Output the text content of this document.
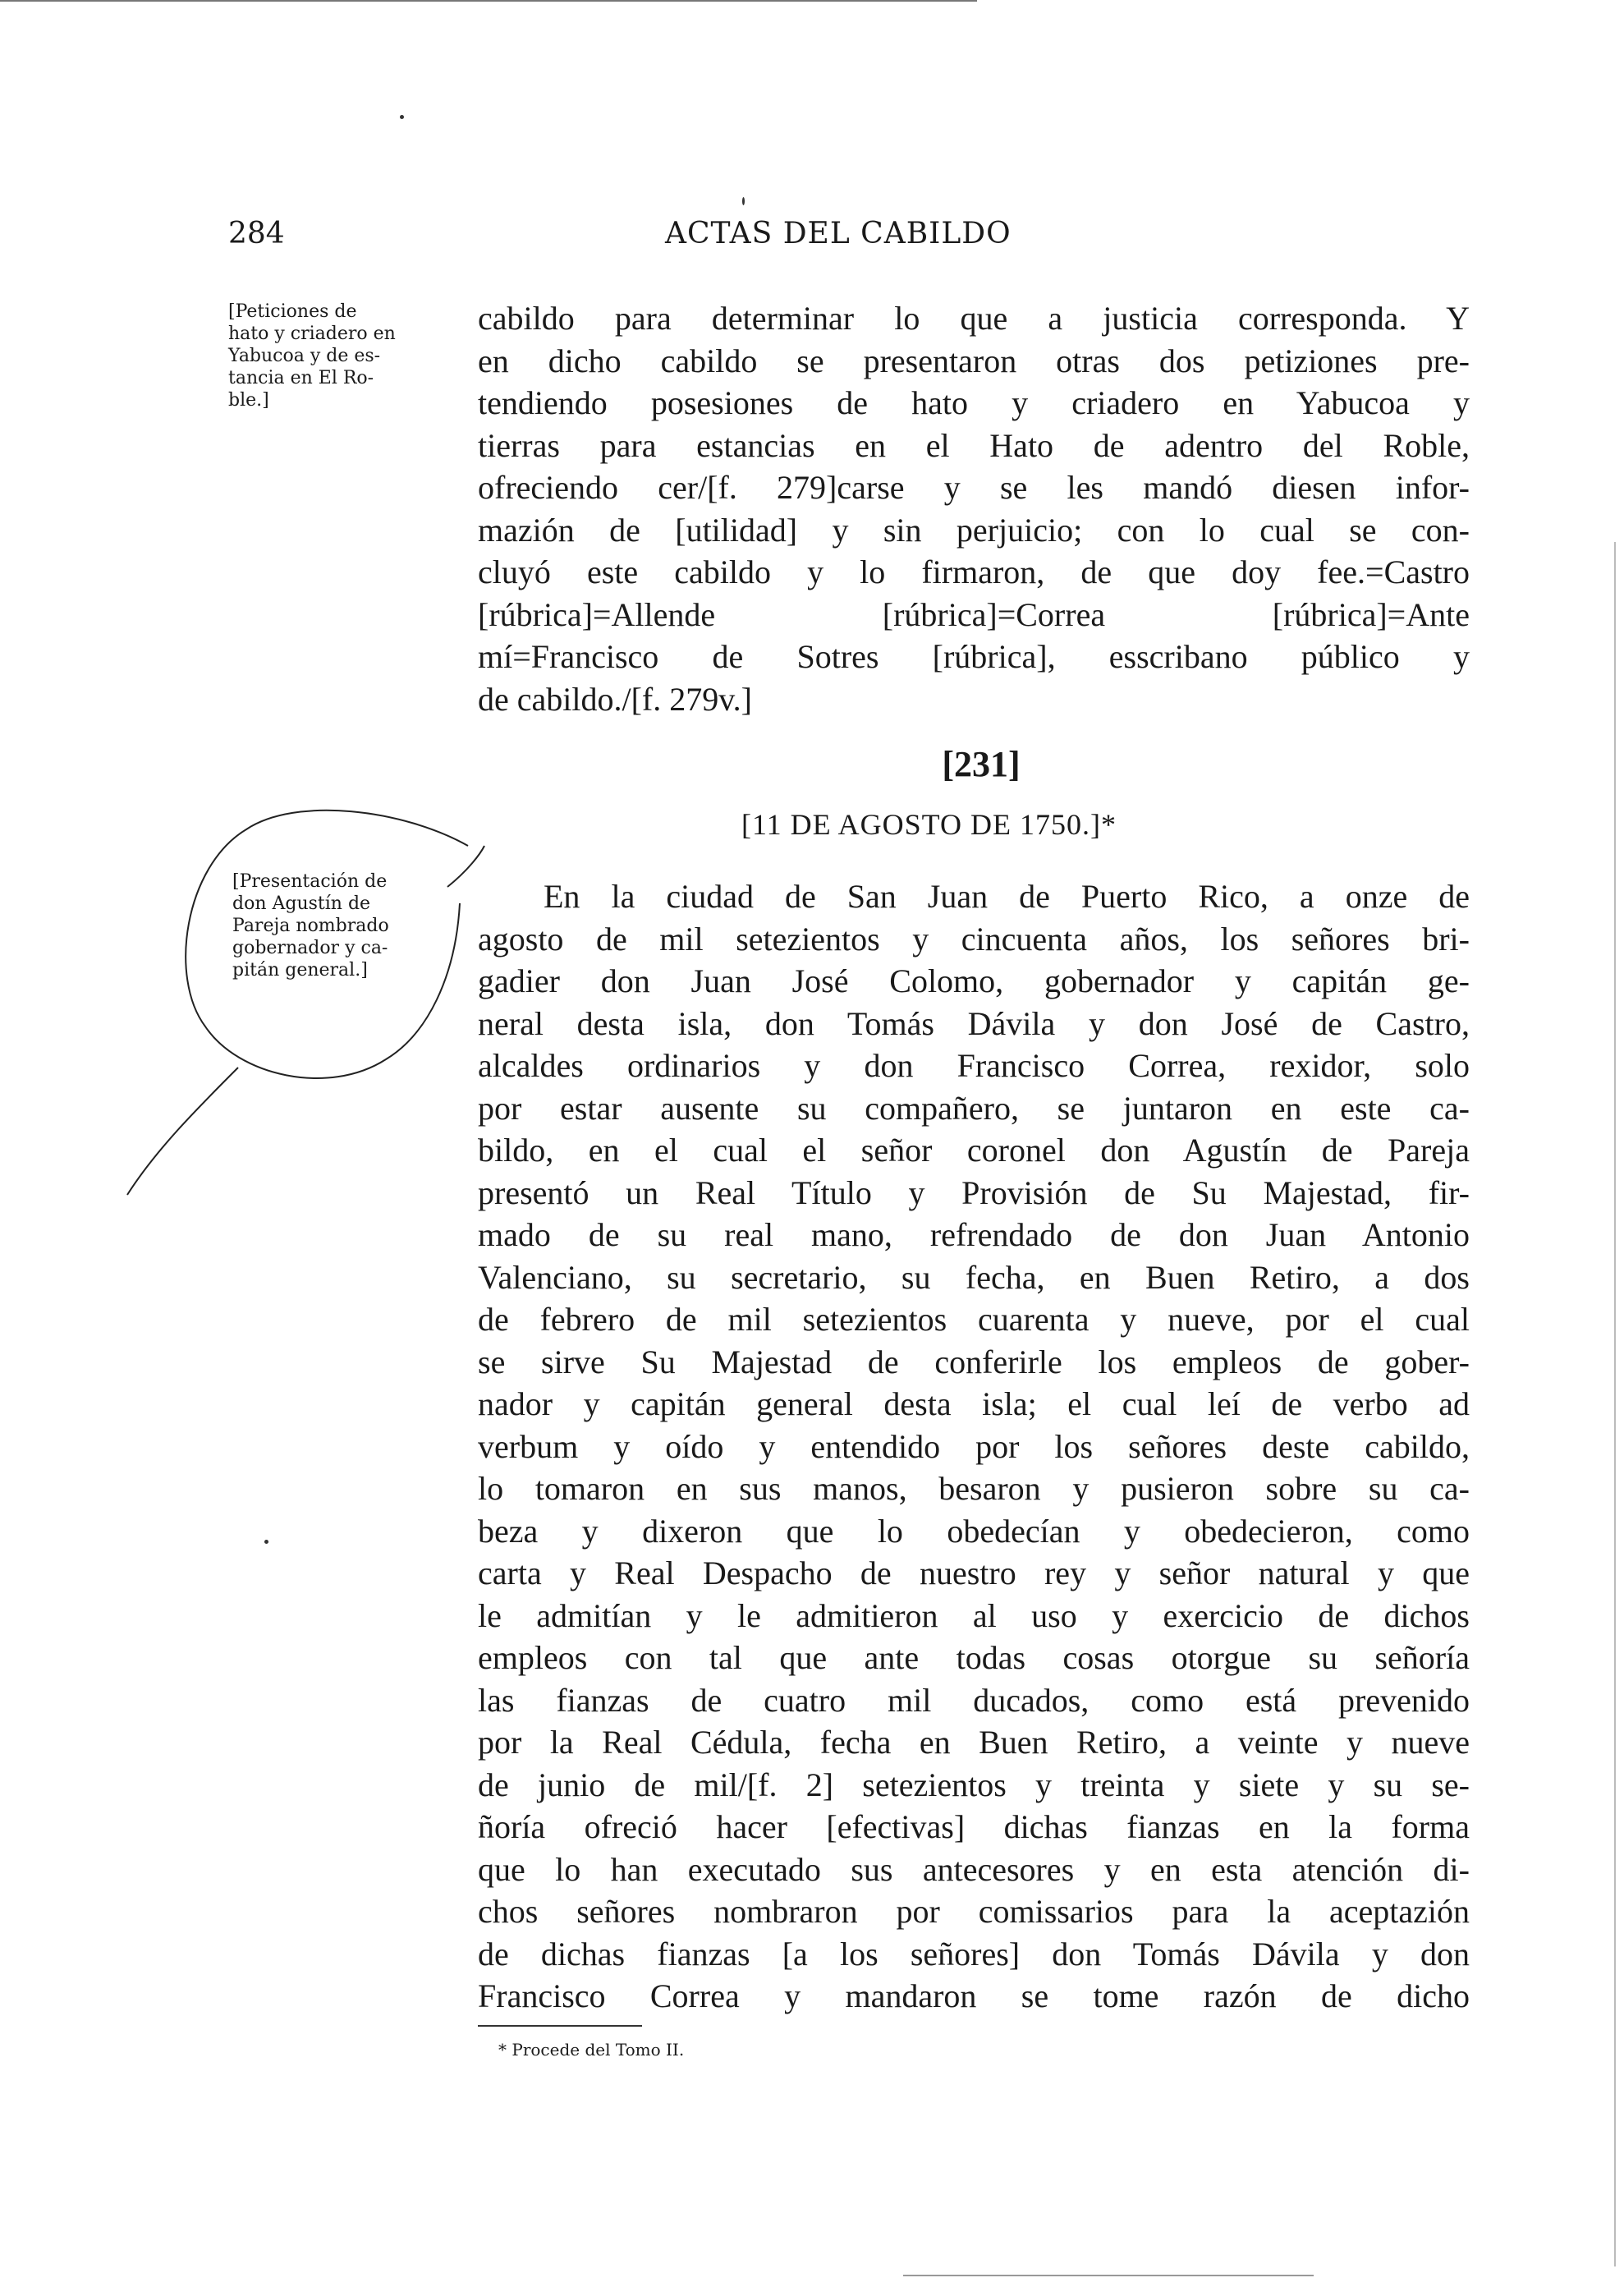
284	ACTAS DEL CABILDO
[Peticiones de
hato y criadero en
Yabucoa y de es-
tancia en El Ro-
ble.]
[Presentación de
don Agustín de
Pareja nombrado
gobernador y ca-
pitán general.]
cabildo para determinar lo que a justicia corresponda. Y
en dicho cabildo se presentaron otras dos petiziones pre-
tendiendo posesiones de hato y criadero en Yabucoa y
tierras para estancias en el Hato de adentro del Roble,
ofreciendo cer/[f. 279]carse y se les mandó diesen infor-
mazión de [utilidad] y sin perjuicio; con lo cual se con-
cluyó este cabildo y lo firmaron, de que doy fee.=Castro
[rúbrica]=Allende [rúbrica]=Correa [rúbrica]=Ante
mí=Francisco de Sotres [rúbrica], esscribano público y
de cabildo./[f. 279v.]
[231]
[11 DE AGOSTO DE 1750.]*
En la ciudad de San Juan de Puerto Rico, a onze de
agosto de mil setezientos y cincuenta años, los señores bri-
gadier don Juan José Colomo, gobernador y capitán ge-
neral desta isla, don Tomás Dávila y don José de Castro,
alcaldes ordinarios y don Francisco Correa, rexidor, solo
por estar ausente su compañero, se juntaron en este ca-
bildo, en el cual el señor coronel don Agustín de Pareja
presentó un Real Título y Provisión de Su Majestad, fir-
mado de su real mano, refrendado de don Juan Antonio
Valenciano, su secretario, su fecha, en Buen Retiro, a dos
de febrero de mil setezientos cuarenta y nueve, por el cual
se sirve Su Majestad de conferirle los empleos de gober-
nador y capitán general desta isla; el cual leí de verbo ad
verbum y oído y entendido por los señores deste cabildo,
lo tomaron en sus manos, besaron y pusieron sobre su ca-
beza y dixeron que lo obedecían y obedecieron, como
carta y Real Despacho de nuestro rey y señor natural y que
le admitían y le admitieron al uso y exercicio de dichos
empleos con tal que ante todas cosas otorgue su señoría
las fianzas de cuatro mil ducados, como está prevenido
por la Real Cédula, fecha en Buen Retiro, a veinte y nueve
de junio de mil/[f. 2] setezientos y treinta y siete y su se-
ñoría ofreció hacer [efectivas] dichas fianzas en la forma
que lo han executado sus antecesores y en esta atención di-
chos señores nombraron por comissarios para la aceptazión
de dichas fianzas [a los señores] don Tomás Dávila y don
Francisco Correa y mandaron se tome razón de dicho
* Procede del Tomo II.
